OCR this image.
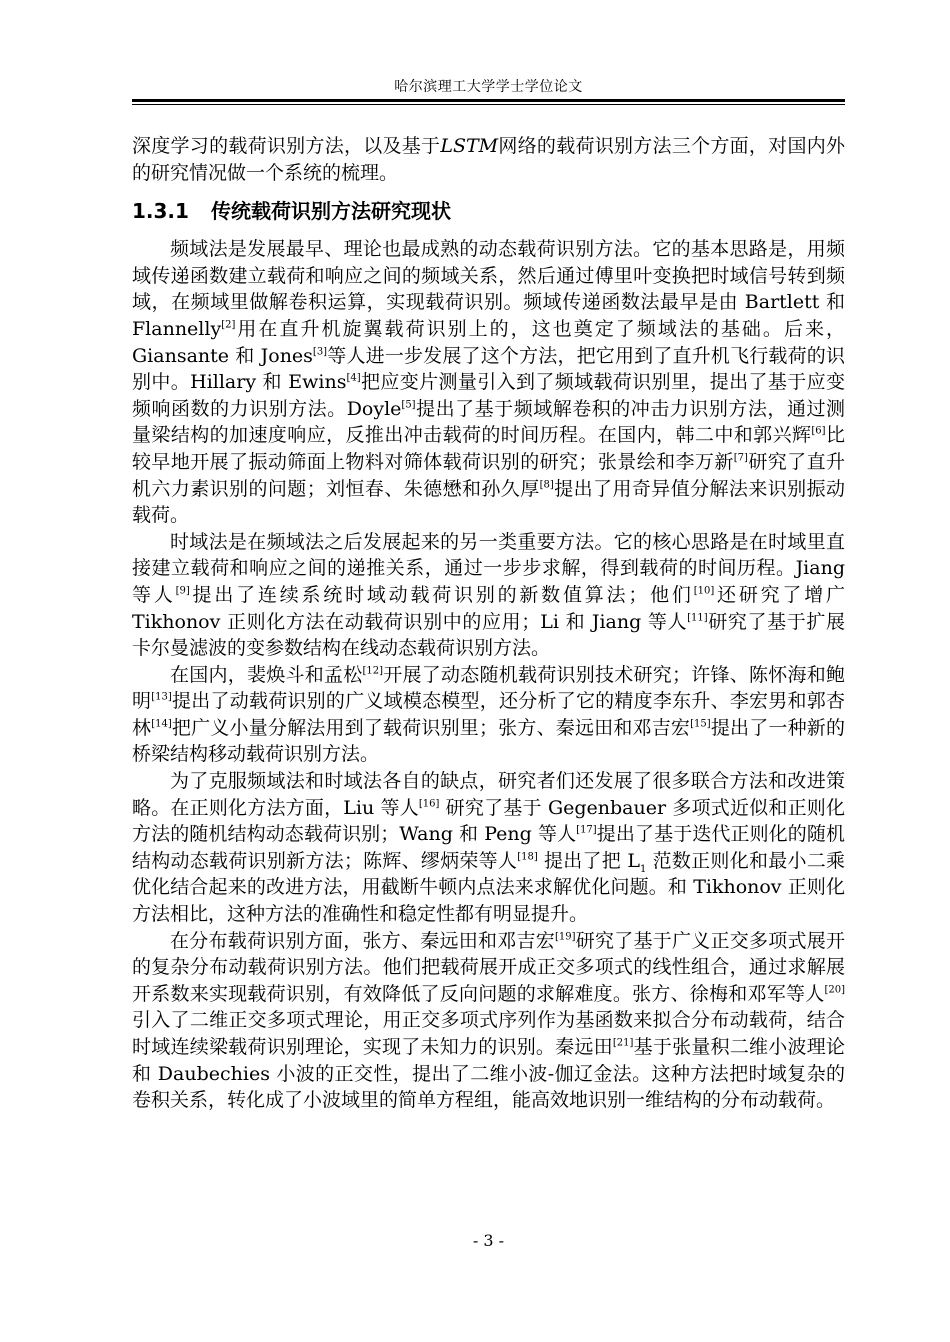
哈尔滨理工大学学士学位论文

深度学习的载荷识别方法，以及基于LSTM网络的载荷识别方法三个方面，对国内外的研究情况做一个系统的梳理。

1.3.1 传统载荷识别方法研究现状

频域法是发展最早、理论也最成熟的动态载荷识别方法。它的基本思路是，用频域传递函数建立载荷和响应之间的频域关系，然后通过傅里叶变换把时域信号转到频域，在频域里做解卷积运算，实现载荷识别。频域传递函数法最早是由 Bartlett 和 Flannelly[2]用在直升机旋翼载荷识别上的，这也奠定了频域法的基础。后来，Giansante 和 Jones[3]等人进一步发展了这个方法，把它用到了直升机飞行载荷的识别中。Hillary 和 Ewins[4]把应变片测量引入到了频域载荷识别里，提出了基于应变频响函数的力识别方法。Doyle[5]提出了基于频域解卷积的冲击力识别方法，通过测量梁结构的加速度响应，反推出冲击载荷的时间历程。在国内，韩二中和郭兴辉[6]比较早地开展了振动筛面上物料对筛体载荷识别的研究；张景绘和李万新[7]研究了直升机六力素识别的问题；刘恒春、朱德懋和孙久厚[8]提出了用奇异值分解法来识别振动载荷。

时域法是在频域法之后发展起来的另一类重要方法。它的核心思路是在时域里直接建立载荷和响应之间的递推关系，通过一步步求解，得到载荷的时间历程。Jiang 等人[9]提出了连续系统时域动载荷识别的新数值算法；他们[10]还研究了增广 Tikhonov 正则化方法在动载荷识别中的应用；Li 和 Jiang 等人[11]研究了基于扩展卡尔曼滤波的变参数结构在线动态载荷识别方法。

在国内，裴焕斗和孟松[12]开展了动态随机载荷识别技术研究；许锋、陈怀海和鲍明[13]提出了动载荷识别的广义域模态模型，还分析了它的精度李东升、李宏男和郭杏林[14]把广义小量分解法用到了载荷识别里；张方、秦远田和邓吉宏[15]提出了一种新的桥梁结构移动载荷识别方法。

为了克服频域法和时域法各自的缺点，研究者们还发展了很多联合方法和改进策略。在正则化方法方面，Liu 等人[16] 研究了基于 Gegenbauer 多项式近似和正则化方法的随机结构动态载荷识别；Wang 和 Peng 等人[17]提出了基于迭代正则化的随机结构动态载荷识别新方法；陈辉、缪炳荣等人[18] 提出了把 $L_1$ 范数正则化和最小二乘优化结合起来的改进方法，用截断牛顿内点法来求解优化问题。和 Tikhonov 正则化方法相比，这种方法的准确性和稳定性都有明显提升。

在分布载荷识别方面，张方、秦远田和邓吉宏[19]研究了基于广义正交多项式展开的复杂分布动载荷识别方法。他们把载荷展开成正交多项式的线性组合，通过求解展开系数来实现载荷识别，有效降低了反向问题的求解难度。张方、徐梅和邓军等人[20] 引入了二维正交多项式理论，用正交多项式序列作为基函数来拟合分布动载荷，结合时域连续梁载荷识别理论，实现了未知力的识别。秦远田[21]基于张量积二维小波理论和 Daubechies 小波的正交性，提出了二维小波-伽辽金法。这种方法把时域复杂的卷积关系，转化成了小波域里的简单方程组，能高效地识别一维结构的分布动载荷。

- 3 -
